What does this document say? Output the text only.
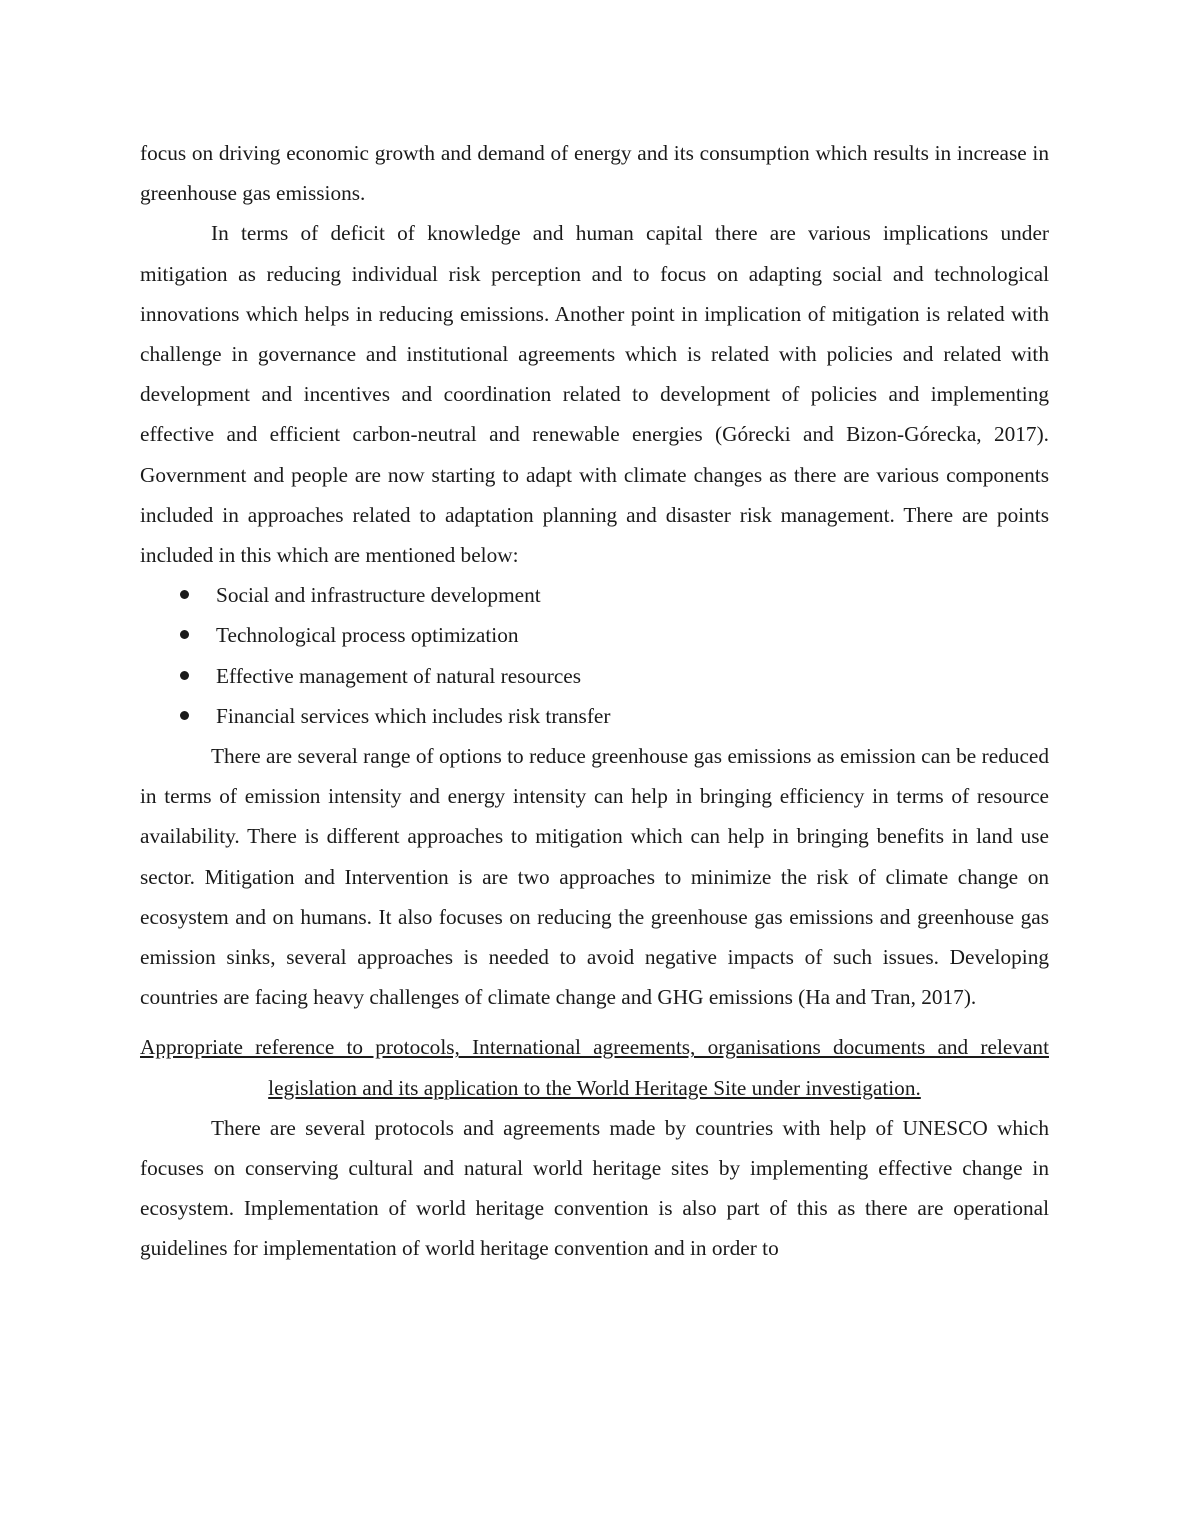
focus on driving economic growth and demand of energy and its consumption which results in increase in greenhouse gas emissions.

In terms of deficit of knowledge and human capital there are various implications under mitigation as reducing individual risk perception and to focus on adapting social and technological innovations which helps in reducing emissions. Another point in implication of mitigation is related with challenge in governance and institutional agreements which is related with policies and related with development and incentives and coordination related to development of policies and implementing effective and efficient carbon-neutral and renewable energies (Górecki and Bizon-Górecka, 2017). Government and people are now starting to adapt with climate changes as there are various components included in approaches related to adaptation planning and disaster risk management. There are points included in this which are mentioned below:

Social and infrastructure development
Technological process optimization
Effective management of natural resources
Financial services which includes risk transfer

There are several range of options to reduce greenhouse gas emissions as emission can be reduced in terms of emission intensity and energy intensity can help in bringing efficiency in terms of resource availability. There is different approaches to mitigation which can help in bringing benefits in land use sector. Mitigation and Intervention is are two approaches to minimize the risk of climate change on ecosystem and on humans. It also focuses on reducing the greenhouse gas emissions and greenhouse gas emission sinks, several approaches is needed to avoid negative impacts of such issues. Developing countries are facing heavy challenges of climate change and GHG emissions (Ha and Tran, 2017).

Appropriate reference to protocols, International agreements, organisations documents and relevant legislation and its application to the World Heritage Site under investigation.

There are several protocols and agreements made by countries with help of UNESCO which focuses on conserving cultural and natural world heritage sites by implementing effective change in ecosystem. Implementation of world heritage convention is also part of this as there are operational guidelines for implementation of world heritage convention and in order to
